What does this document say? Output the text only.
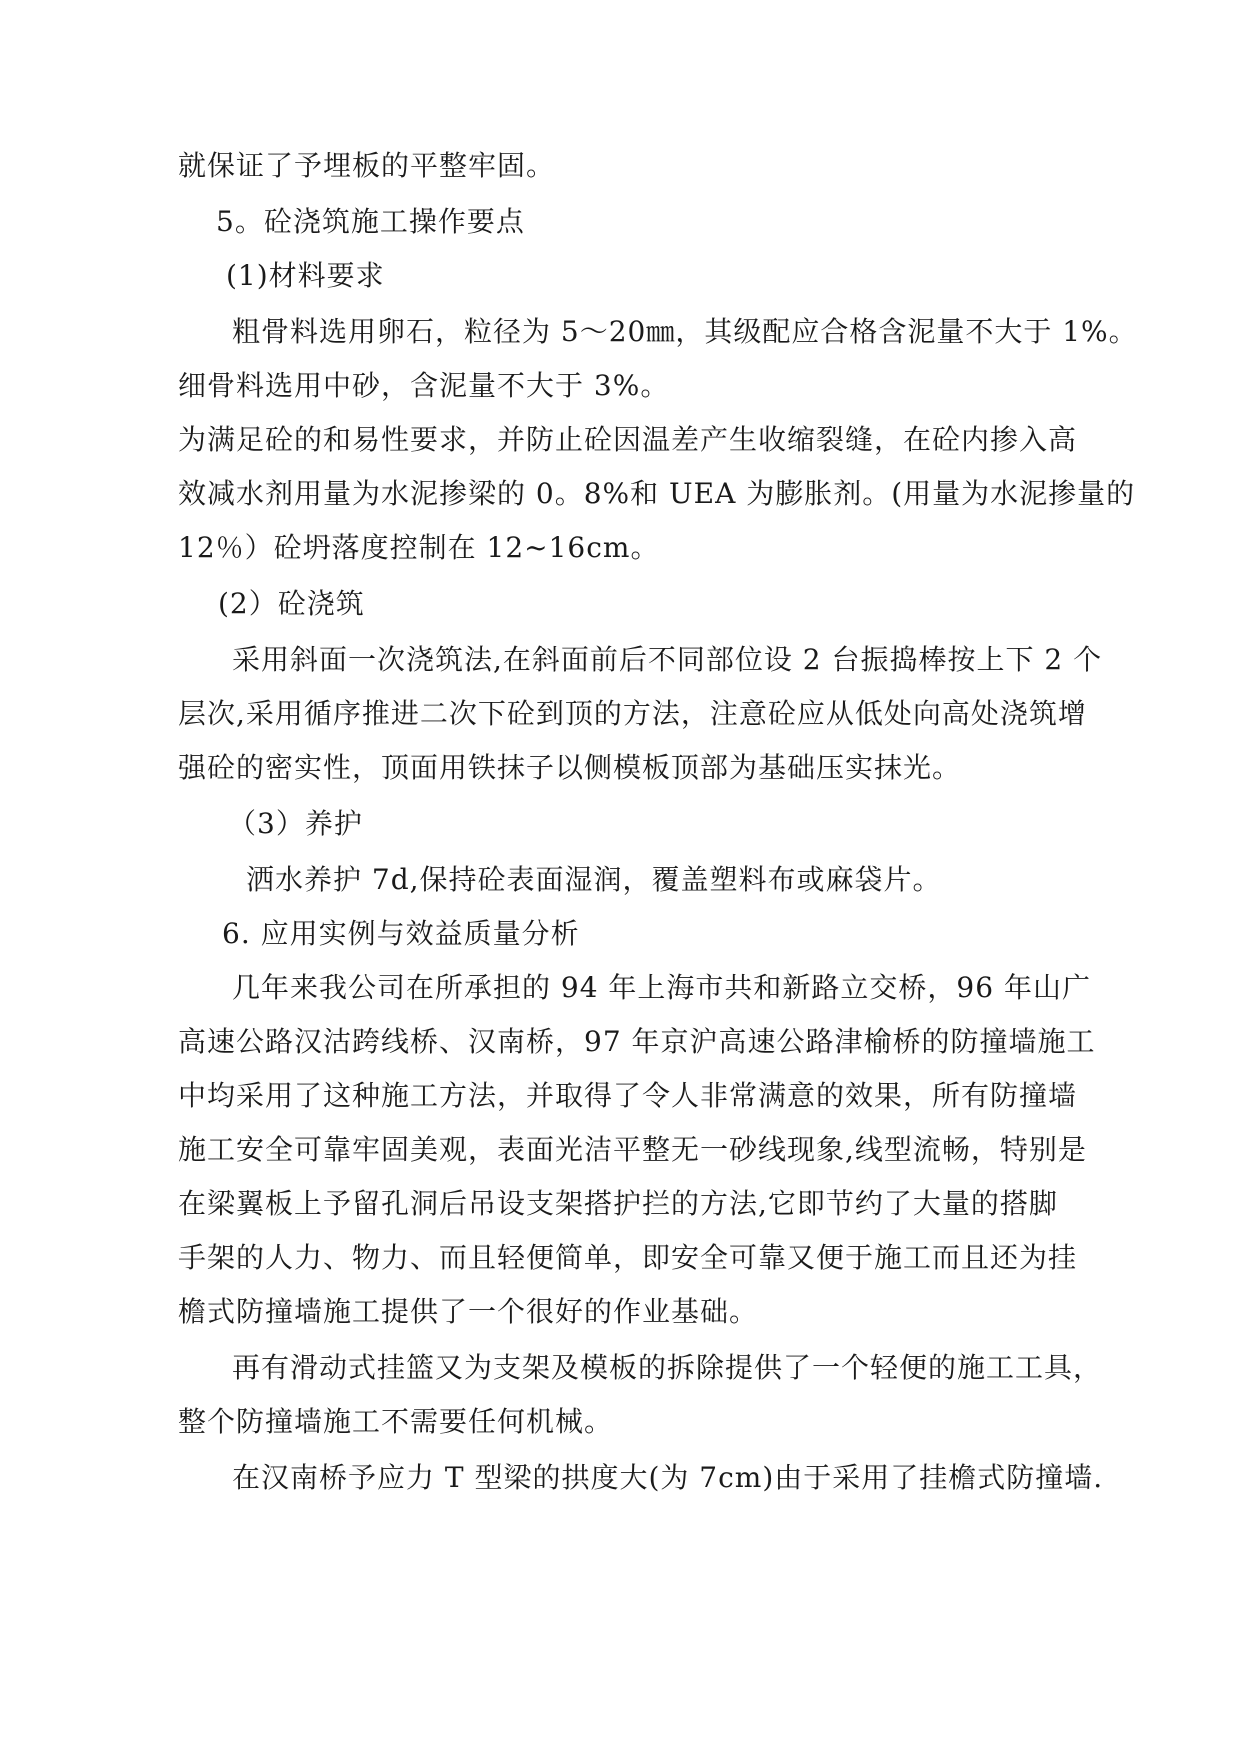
就保证了予埋板的平整牢固。
5。砼浇筑施工操作要点
(1)材料要求
粗骨料选用卵石，粒径为 5～20㎜，其级配应合格含泥量不大于 1%。
细骨料选用中砂，含泥量不大于 3%。
为满足砼的和易性要求，并防止砼因温差产生收缩裂缝，在砼内掺入高
效减水剂用量为水泥掺梁的 0。8%和 UEA 为膨胀剂。(用量为水泥掺量的
12％）砼坍落度控制在 12~16cm。
(2）砼浇筑
采用斜面一次浇筑法,在斜面前后不同部位设 2 台振捣棒按上下 2 个
层次,采用循序推进二次下砼到顶的方法，注意砼应从低处向高处浇筑增
强砼的密实性，顶面用铁抹子以侧模板顶部为基础压实抹光。
（3）养护
洒水养护 7d,保持砼表面湿润，覆盖塑料布或麻袋片。
6. 应用实例与效益质量分析
几年来我公司在所承担的 94 年上海市共和新路立交桥，96 年山广
高速公路汉沽跨线桥、汉南桥，97 年京沪高速公路津榆桥的防撞墙施工
中均采用了这种施工方法，并取得了令人非常满意的效果，所有防撞墙
施工安全可靠牢固美观，表面光洁平整无一砂线现象,线型流畅，特别是
在梁翼板上予留孔洞后吊设支架搭护拦的方法,它即节约了大量的搭脚
手架的人力、物力、而且轻便简单，即安全可靠又便于施工而且还为挂
檐式防撞墙施工提供了一个很好的作业基础。
再有滑动式挂篮又为支架及模板的拆除提供了一个轻便的施工工具，
整个防撞墙施工不需要任何机械。
在汉南桥予应力 T 型梁的拱度大(为 7cm)由于采用了挂檐式防撞墙.
